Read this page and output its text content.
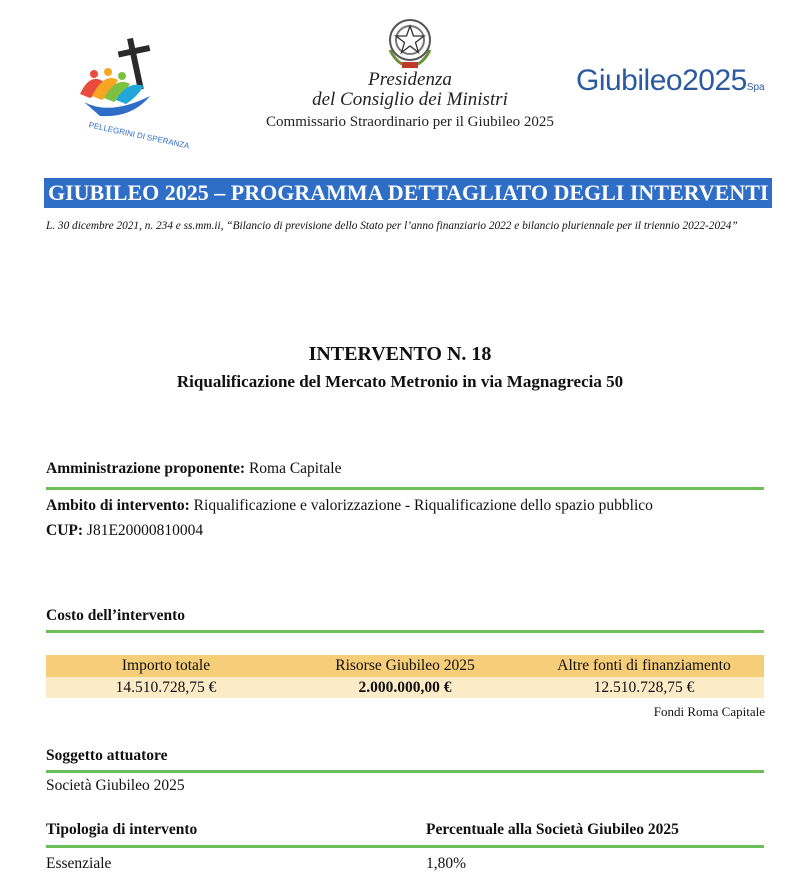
PELLEGRINI DI SPERANZA
Presidenza
del Consiglio dei Ministri
Commissario Straordinario per il Giubileo 2025
Giubileo2025Spa
GIUBILEO 2025 – PROGRAMMA DETTAGLIATO DEGLI INTERVENTI
L. 30 dicembre 2021, n. 234 e ss.mm.ii, “Bilancio di previsione dello Stato per l’anno finanziario 2022 e bilancio pluriennale per il triennio 2022-2024”
INTERVENTO N. 18
Riqualificazione del Mercato Metronio in via Magnagrecia 50
Amministrazione proponente: Roma Capitale
Ambito di intervento: Riqualificazione e valorizzazione - Riqualificazione dello spazio pubblico
CUP: J81E20000810004
Costo dell’intervento
Importo totale	Risorse Giubileo 2025	Altre fonti di finanziamento
14.510.728,75 €	2.000.000,00 €	12.510.728,75 €
Fondi Roma Capitale
Soggetto attuatore
Società Giubileo 2025
Tipologia di intervento	Percentuale alla Società Giubileo 2025
Essenziale	1,80%
